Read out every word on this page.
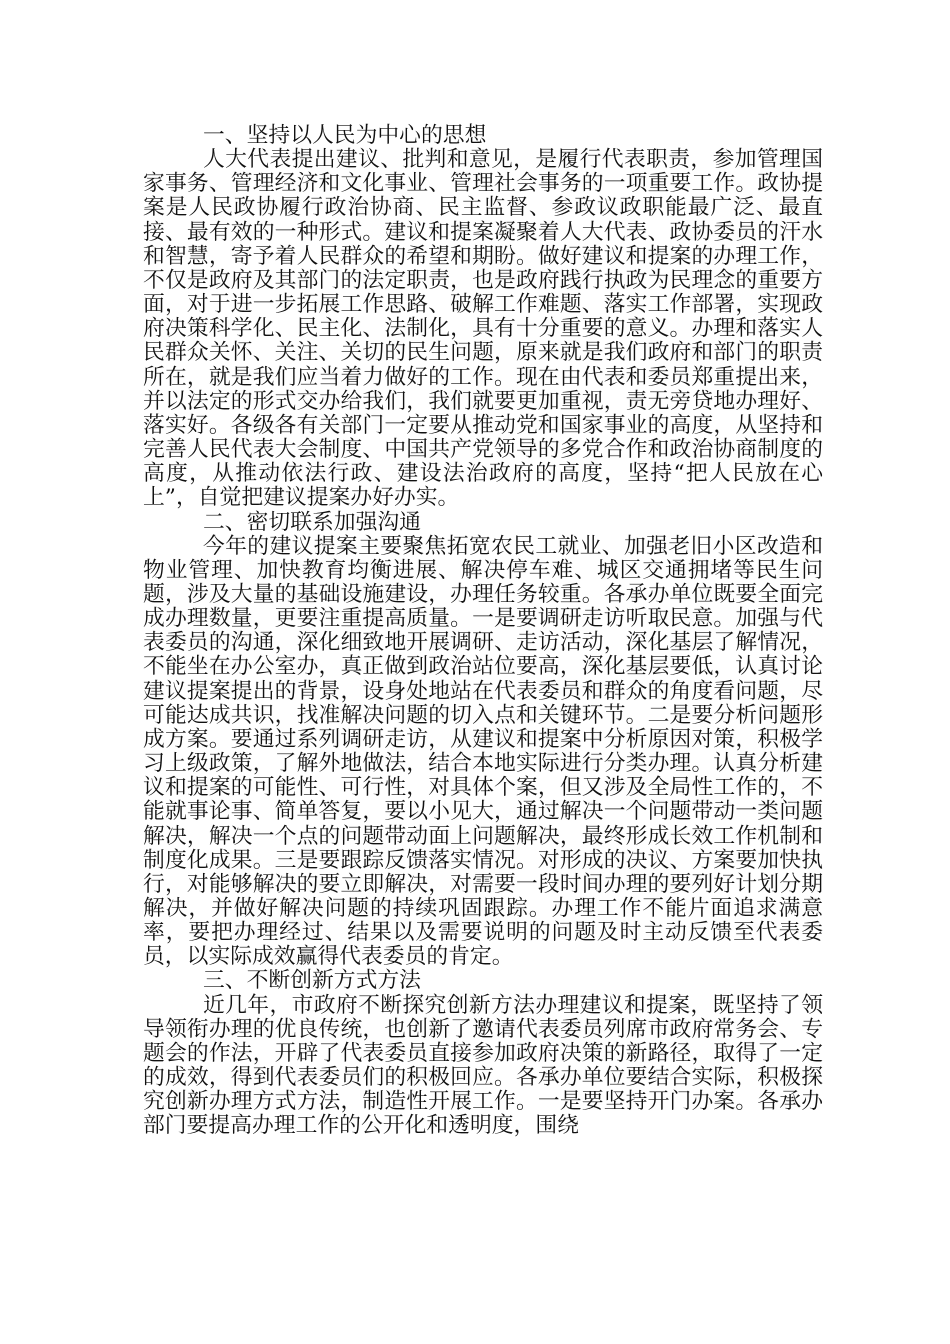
一、坚持以人民为中心的思想
人大代表提出建议、批判和意见，是履行代表职责，参加管理国家事务、管理经济和文化事业、管理社会事务的一项重要工作。政协提案是人民政协履行政治协商、民主监督、参政议政职能最广泛、最直接、最有效的一种形式。建议和提案凝聚着人大代表、政协委员的汗水和智慧，寄予着人民群众的希望和期盼。做好建议和提案的办理工作，不仅是政府及其部门的法定职责，也是政府践行执政为民理念的重要方面，对于进一步拓展工作思路、破解工作难题、落实工作部署，实现政府决策科学化、民主化、法制化，具有十分重要的意义。办理和落实人民群众关怀、关注、关切的民生问题，原来就是我们政府和部门的职责所在，就是我们应当着力做好的工作。现在由代表和委员郑重提出来，并以法定的形式交办给我们，我们就要更加重视，责无旁贷地办理好、落实好。各级各有关部门一定要从推动党和国家事业的高度，从坚持和完善人民代表大会制度、中国共产党领导的多党合作和政治协商制度的高度，从推动依法行政、建设法治政府的高度，坚持“把人民放在心上”，自觉把建议提案办好办实。
二、密切联系加强沟通
今年的建议提案主要聚焦拓宽农民工就业、加强老旧小区改造和物业管理、加快教育均衡进展、解决停车难、城区交通拥堵等民生问题，涉及大量的基础设施建设，办理任务较重。各承办单位既要全面完成办理数量，更要注重提高质量。一是要调研走访听取民意。加强与代表委员的沟通，深化细致地开展调研、走访活动，深化基层了解情况，不能坐在办公室办，真正做到政治站位要高，深化基层要低，认真讨论建议提案提出的背景，设身处地站在代表委员和群众的角度看问题，尽可能达成共识，找准解决问题的切入点和关键环节。二是要分析问题形成方案。要通过系列调研走访，从建议和提案中分析原因对策，积极学习上级政策，了解外地做法，结合本地实际进行分类办理。认真分析建议和提案的可能性、可行性，对具体个案，但又涉及全局性工作的，不能就事论事、简单答复，要以小见大，通过解决一个问题带动一类问题解决，解决一个点的问题带动面上问题解决，最终形成长效工作机制和制度化成果。三是要跟踪反馈落实情况。对形成的决议、方案要加快执行，对能够解决的要立即解决，对需要一段时间办理的要列好计划分期解决，并做好解决问题的持续巩固跟踪。办理工作不能片面追求满意率，要把办理经过、结果以及需要说明的问题及时主动反馈至代表委员，以实际成效赢得代表委员的肯定。
三、不断创新方式方法
近几年，市政府不断探究创新方法办理建议和提案，既坚持了领导领衔办理的优良传统，也创新了邀请代表委员列席市政府常务会、专题会的作法，开辟了代表委员直接参加政府决策的新路径，取得了一定的成效，得到代表委员们的积极回应。各承办单位要结合实际，积极探究创新办理方式方法，制造性开展工作。一是要坚持开门办案。各承办部门要提高办理工作的公开化和透明度，围绕
